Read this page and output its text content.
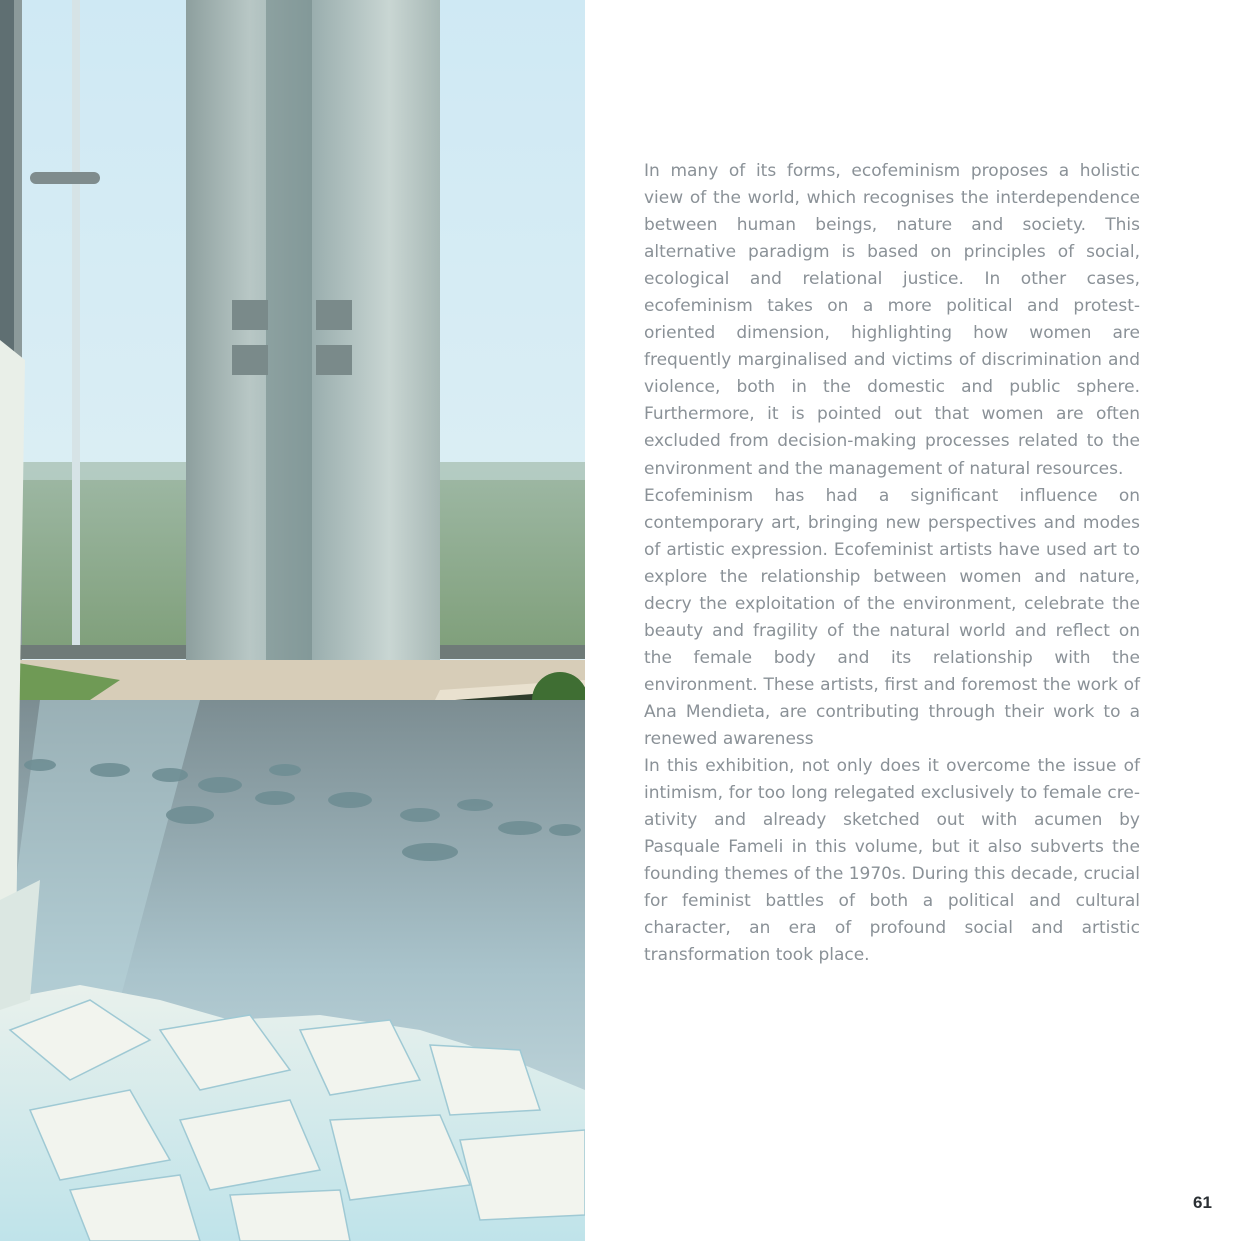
In many of its forms, ecofeminism proposes a holistic view of the world, which recognises the interdependence between human beings, nature and society. This alternative paradigm is based on principles of social, ecological and relational justice. In other cases, ecofeminism takes on a more political and protest-oriented dimension, highlighting how women are frequently marginalised and victims of discrimination and violence, both in the domestic and public sphere. Furthermore, it is pointed out that women are often excluded from decision-making processes related to the environment and the management of natural resources.

Ecofeminism has had a significant influence on contemporary art, bringing new perspectives and modes of artistic expression. Ecofeminist artists have used art to explore the relationship between women and nature, decry the exploitation of the environment, celebrate the beauty and fragility of the natural world and reflect on the female body and its relationship with the environment. These artists, first and foremost the work of Ana Mendieta, are contributing through their work to a renewed awareness

In this exhibition, not only does it overcome the issue of intimism, for too long relegated exclusively to female creativity and already sketched out with acumen by Pasquale Fameli in this volume, but it also subverts the founding themes of the 1970s. During this decade, crucial for feminist battles of both a political and cultural character, an era of profound social and artistic transformation took place.

61
